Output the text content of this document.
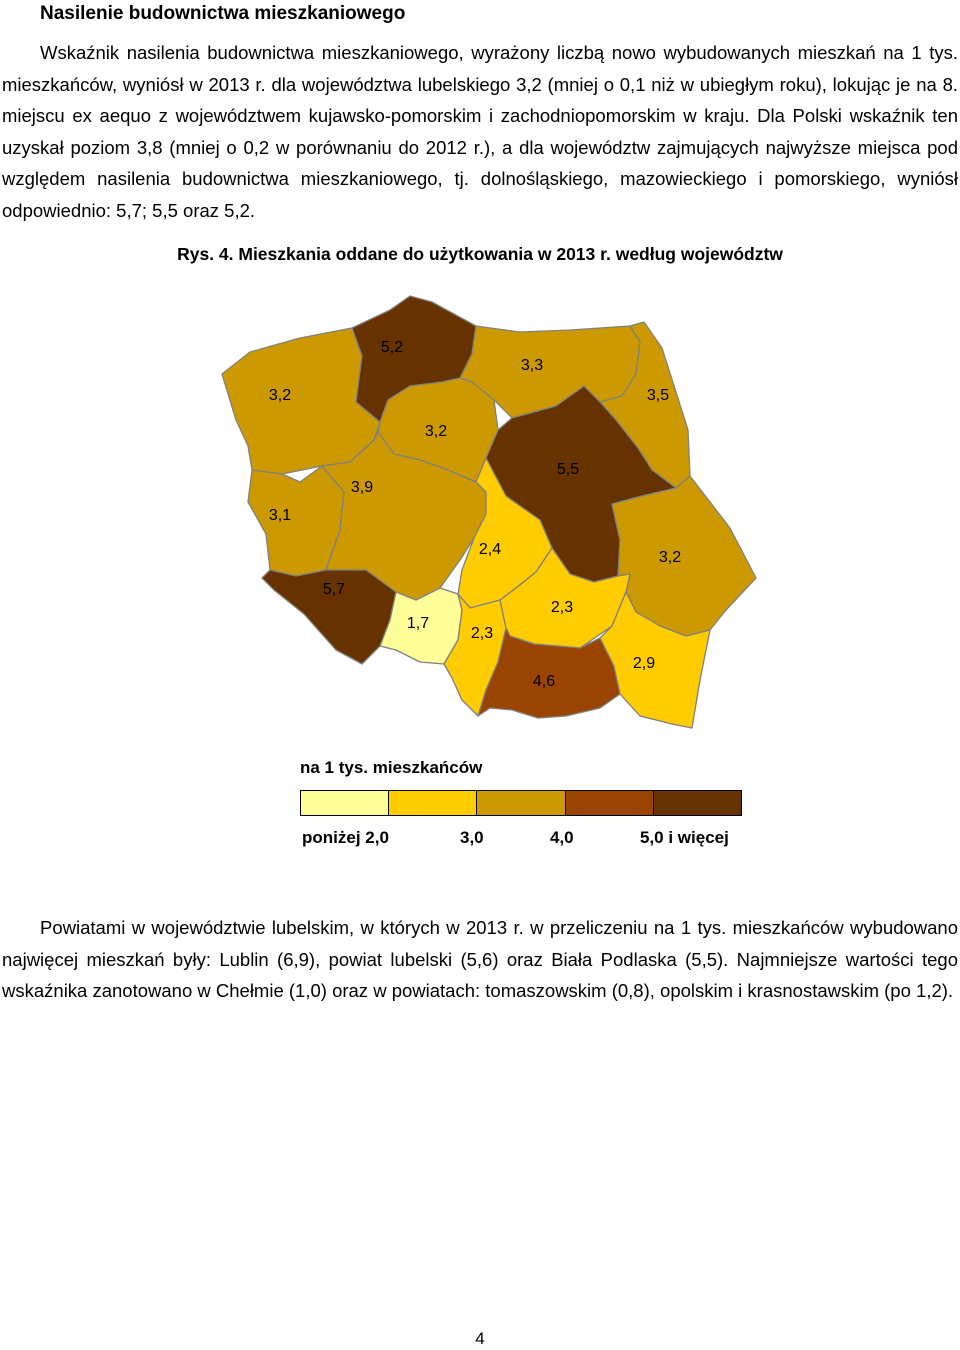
Nasilenie budownictwa mieszkaniowego

Wskaźnik nasilenia budownictwa mieszkaniowego, wyrażony liczbą nowo wybudowanych mieszkań na 1 tys. mieszkańców, wyniósł w 2013 r. dla województwa lubelskiego 3,2 (mniej o 0,1 niż w ubiegłym roku), lokując je na 8. miejscu ex aequo z województwem kujawsko-pomorskim i zachodniopomorskim w kraju. Dla Polski wskaźnik ten uzyskał poziom 3,8 (mniej o 0,2 w porównaniu do 2012 r.), a dla województw zajmujących najwyższe miejsca pod względem nasilenia budownictwa mieszkaniowego, tj. dolnośląskiego, mazowieckiego i pomorskiego, wyniósł odpowiednio: 5,7; 5,5 oraz 5,2.

Rys. 4. Mieszkania oddane do użytkowania w 2013 r. według województw
3,2
5,2
3,3
3,5
3,2
5,5
3,1
3,9
2,4	3,2
5,7
1,7
2,3
2,3
4,6
2,9
na 1 tys. mieszkańców
poniżej 2,0	3,0	4,0	5,0 i więcej

Powiatami w województwie lubelskim, w których w 2013 r. w przeliczeniu na 1 tys. mieszkańców wybudowano najwięcej mieszkań były: Lublin (6,9), powiat lubelski (5,6) oraz Biała Podlaska (5,5). Najmniejsze wartości tego wskaźnika zanotowano w Chełmie (1,0) oraz w powiatach: tomaszowskim (0,8), opolskim i krasnostawskim (po 1,2).

4
